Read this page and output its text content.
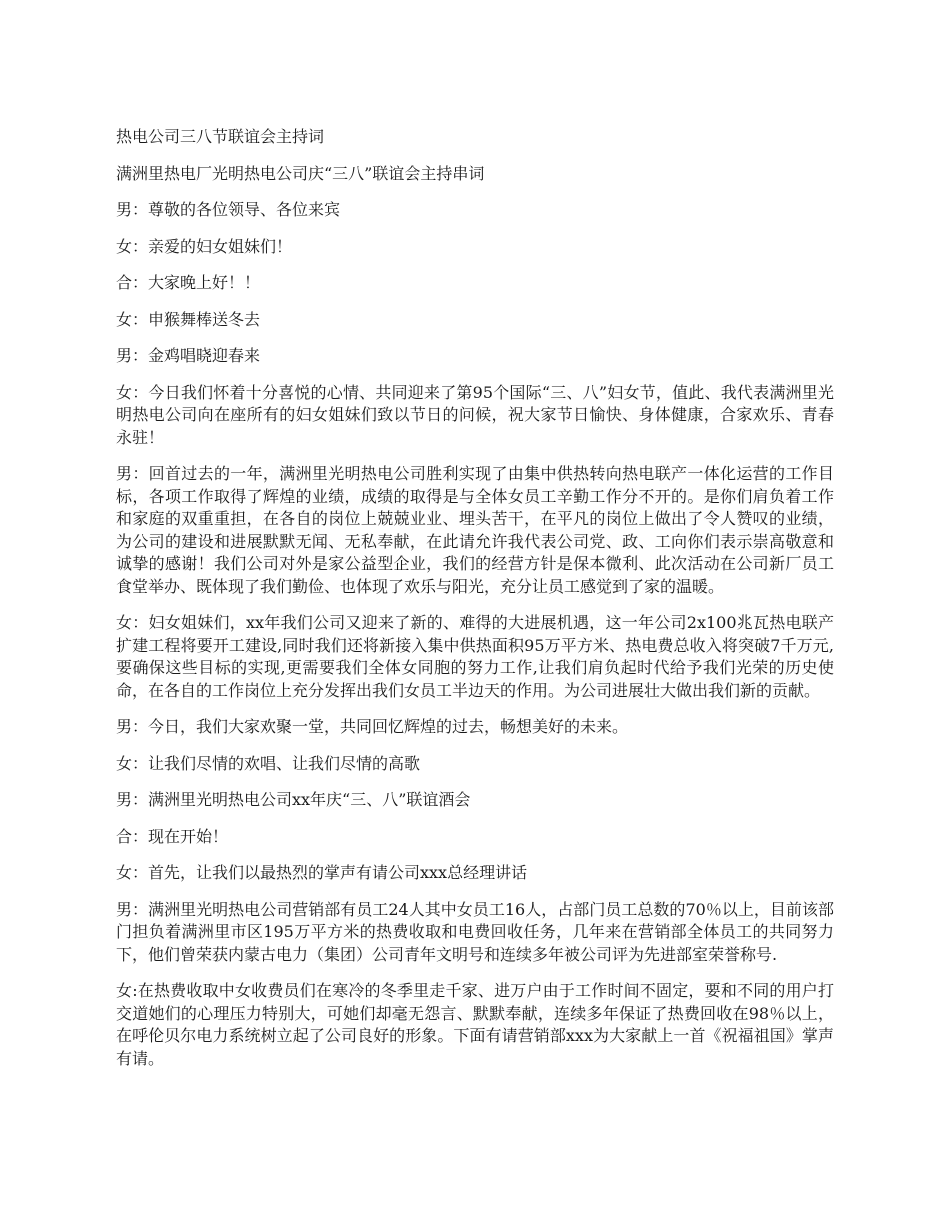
热电公司三八节联谊会主持词

满洲里热电厂光明热电公司庆“三八”联谊会主持串词

男：尊敬的各位领导、各位来宾

女：亲爱的妇女姐妹们！

合：大家晚上好！！

女：申猴舞棒送冬去

男：金鸡唱晓迎春来

女：今日我们怀着十分喜悦的心情、共同迎来了第95个国际“三、八”妇女节，值此、我代表满洲里光明热电公司向在座所有的妇女姐妹们致以节日的问候，祝大家节日愉快、身体健康，合家欢乐、青春永驻！

男：回首过去的一年，满洲里光明热电公司胜利实现了由集中供热转向热电联产一体化运营的工作目标，各项工作取得了辉煌的业绩，成绩的取得是与全体女员工辛勤工作分不开的。是你们肩负着工作和家庭的双重重担，在各自的岗位上兢兢业业、埋头苦干，在平凡的岗位上做出了令人赞叹的业绩，为公司的建设和进展默默无闻、无私奉献，在此请允许我代表公司党、政、工向你们表示崇高敬意和诚挚的感谢！我们公司对外是家公益型企业，我们的经营方针是保本微利、此次活动在公司新厂员工食堂举办、既体现了我们勤俭、也体现了欢乐与阳光，充分让员工感觉到了家的温暖。

女：妇女姐妹们，xx年我们公司又迎来了新的、难得的大进展机遇，这一年公司2x100兆瓦热电联产扩建工程将要开工建设,同时我们还将新接入集中供热面积95万平方米、热电费总收入将突破7千万元,要确保这些目标的实现,更需要我们全体女同胞的努力工作,让我们肩负起时代给予我们光荣的历史使命，在各自的工作岗位上充分发挥出我们女员工半边天的作用。为公司进展壮大做出我们新的贡献。

男：今日，我们大家欢聚一堂，共同回忆辉煌的过去，畅想美好的未来。

女：让我们尽情的欢唱、让我们尽情的高歌

男：满洲里光明热电公司xx年庆“三、八”联谊酒会

合：现在开始！

女：首先，让我们以最热烈的掌声有请公司xxx总经理讲话

男：满洲里光明热电公司营销部有员工24人其中女员工16人，占部门员工总数的70％以上，目前该部门担负着满洲里市区195万平方米的热费收取和电费回收任务，几年来在营销部全体员工的共同努力下，他们曾荣获内蒙古电力（集团）公司青年文明号和连续多年被公司评为先进部室荣誉称号.

女:在热费收取中女收费员们在寒冷的冬季里走千家、进万户由于工作时间不固定，要和不同的用户打交道她们的心理压力特别大，可她们却毫无怨言、默默奉献，连续多年保证了热费回收在98％以上，在呼伦贝尔电力系统树立起了公司良好的形象。下面有请营销部xxx为大家献上一首《祝福祖国》掌声有请。
